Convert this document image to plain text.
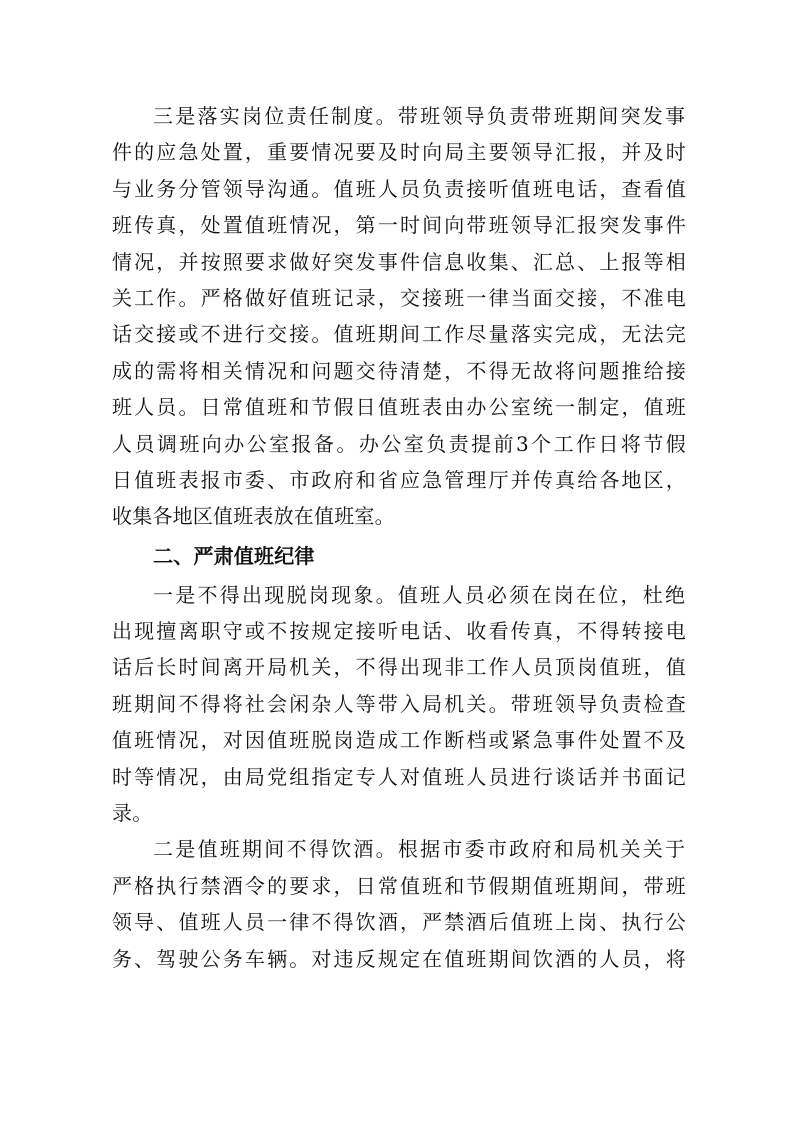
三是落实岗位责任制度。带班领导负责带班期间突发事
件的应急处置，重要情况要及时向局主要领导汇报，并及时
与业务分管领导沟通。值班人员负责接听值班电话，查看值
班传真，处置值班情况，第一时间向带班领导汇报突发事件
情况，并按照要求做好突发事件信息收集、汇总、上报等相
关工作。严格做好值班记录，交接班一律当面交接，不准电
话交接或不进行交接。值班期间工作尽量落实完成，无法完
成的需将相关情况和问题交待清楚，不得无故将问题推给接
班人员。日常值班和节假日值班表由办公室统一制定，值班
人员调班向办公室报备。办公室负责提前3个工作日将节假
日值班表报市委、市政府和省应急管理厅并传真给各地区，
收集各地区值班表放在值班室。
二、严肃值班纪律
一是不得出现脱岗现象。值班人员必须在岗在位，杜绝
出现擅离职守或不按规定接听电话、收看传真，不得转接电
话后长时间离开局机关，不得出现非工作人员顶岗值班，值
班期间不得将社会闲杂人等带入局机关。带班领导负责检查
值班情况，对因值班脱岗造成工作断档或紧急事件处置不及
时等情况，由局党组指定专人对值班人员进行谈话并书面记
录。
二是值班期间不得饮酒。根据市委市政府和局机关关于
严格执行禁酒令的要求，日常值班和节假期值班期间，带班
领导、值班人员一律不得饮酒，严禁酒后值班上岗、执行公
务、驾驶公务车辆。对违反规定在值班期间饮酒的人员，将
